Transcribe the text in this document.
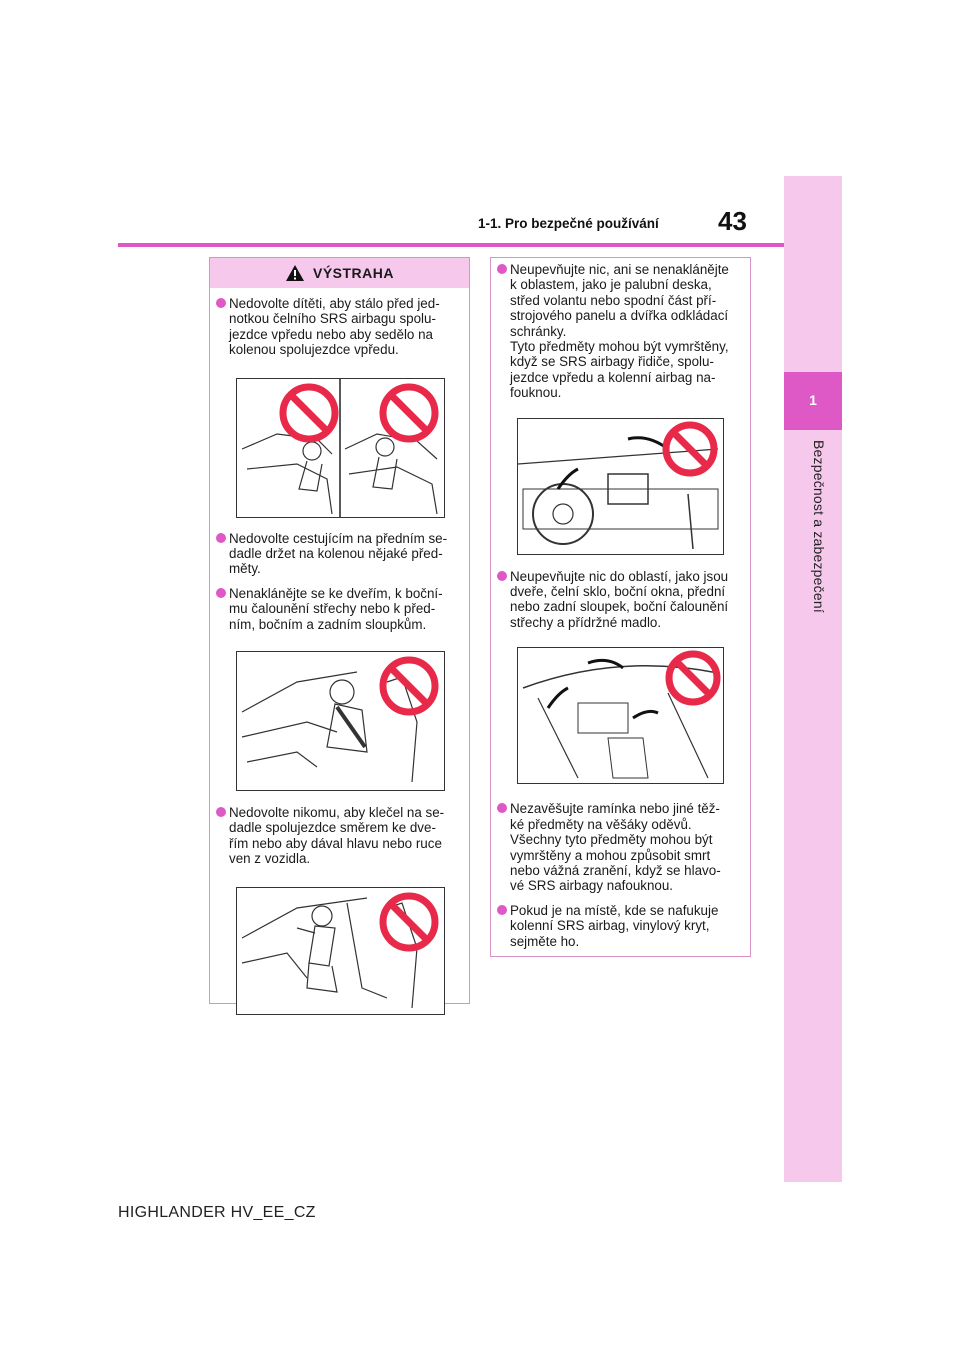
1
Bezpečnost a zabezpečení
1-1. Pro bezpečné používání	43
VÝSTRAHA
Nedovolte dítěti, aby stálo před jed-
notkou čelního SRS airbagu spolu-
jezdce vpředu nebo aby sedělo na
kolenou spolujezdce vpředu.
Nedovolte cestujícím na předním se-
dadle držet na kolenou nějaké před-
měty.
Nenaklánějte se ke dveřím, k boční-
mu čalounění střechy nebo k před-
ním, bočním a zadním sloupkům.
Nedovolte nikomu, aby klečel na se-
dadle spolujezdce směrem ke dve-
řím nebo aby dával hlavu nebo ruce
ven z vozidla.
Neupevňujte nic, ani se nenaklánějte
k oblastem, jako je palubní deska,
střed volantu nebo spodní část pří-
strojového panelu a dvířka odkládací
schránky.
Tyto předměty mohou být vymrštěny,
když se SRS airbagy řidiče, spolu-
jezdce vpředu a kolenní airbag na-
fouknou.
Neupevňujte nic do oblastí, jako jsou
dveře, čelní sklo, boční okna, přední
nebo zadní sloupek, boční čalounění
střechy a přídržné madlo.
Nezavěšujte ramínka nebo jiné těž-
ké předměty na věšáky oděvů.
Všechny tyto předměty mohou být
vymrštěny a mohou způsobit smrt
nebo vážná zranění, když se hlavo-
vé SRS airbagy nafouknou.
Pokud je na místě, kde se nafukuje
kolenní SRS airbag, vinylový kryt,
sejměte ho.
HIGHLANDER HV_EE_CZ
